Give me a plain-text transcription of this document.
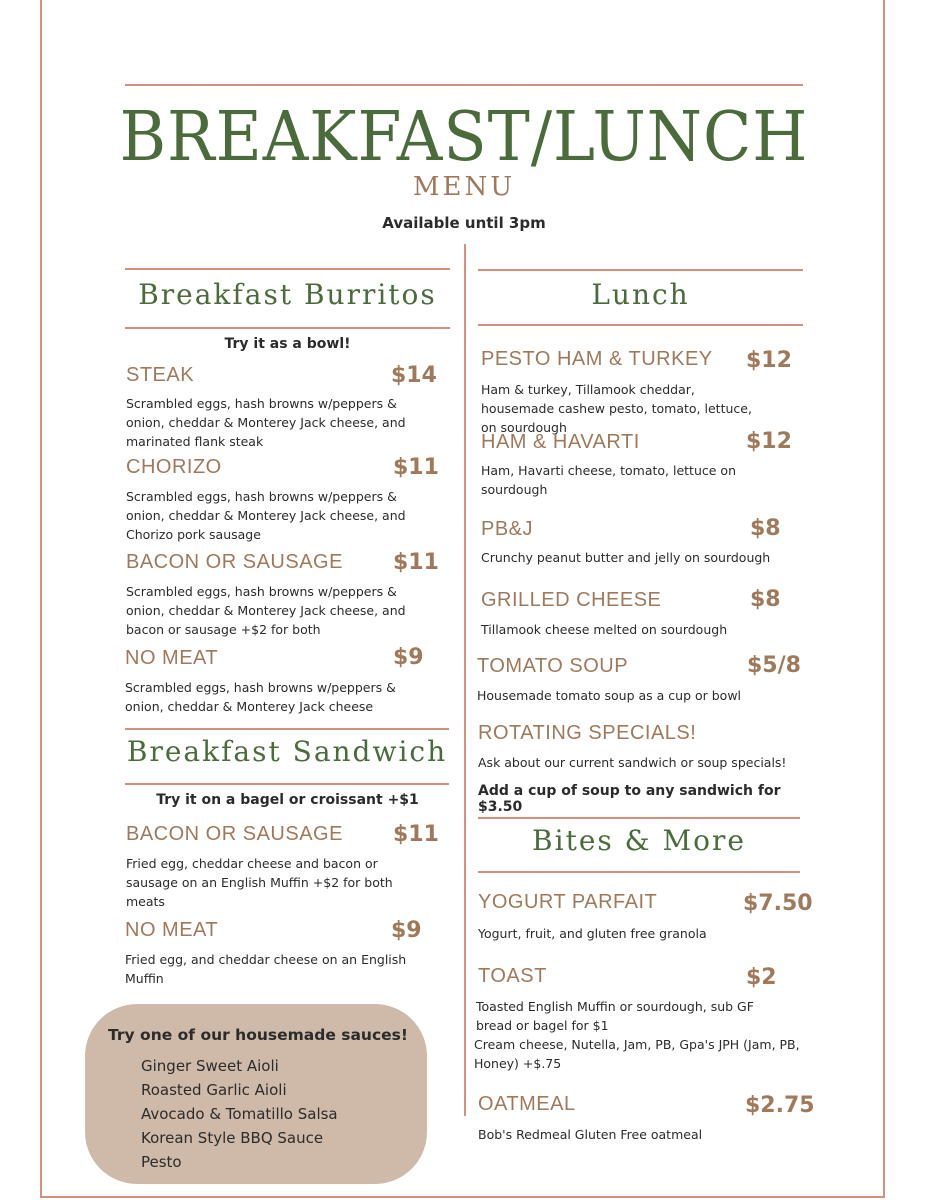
BREAKFAST/LUNCH
MENU
Available until 3pm
Breakfast Burritos
Try it as a bowl!
STEAK	$14
Scrambled eggs, hash browns w/peppers & onion, cheddar & Monterey Jack cheese, and marinated flank steak
CHORIZO	$11
Scrambled eggs, hash browns w/peppers & onion, cheddar & Monterey Jack cheese, and Chorizo pork sausage
BACON OR SAUSAGE $11
Scrambled eggs, hash browns w/peppers & onion, cheddar & Monterey Jack cheese, and bacon or sausage +$2 for both
NO MEAT	$9
Scrambled eggs, hash browns w/peppers & onion, cheddar & Monterey Jack cheese
Breakfast Sandwich
Try it on a bagel or croissant +$1
BACON OR SAUSAGE $11
Fried egg, cheddar cheese and bacon or sausage on an English Muffin +$2 for both meats
NO MEAT	$9
Fried egg, and cheddar cheese on an English Muffin
Try one of our housemade sauces!
Ginger Sweet Aioli
Roasted Garlic Aioli
Avocado & Tomatillo Salsa
Korean Style BBQ Sauce
Pesto
Lunch
PESTO HAM & TURKEY $12
Ham & turkey, Tillamook cheddar, housemade cashew pesto, tomato, lettuce, on sourdough
HAM & HAVARTI	$12
Ham, Havarti cheese, tomato, lettuce on sourdough
PB&J	$8
Crunchy peanut butter and jelly on sourdough
GRILLED CHEESE	$8
Tillamook cheese melted on sourdough
TOMATO SOUP	$5/8
Housemade tomato soup as a cup or bowl
ROTATING SPECIALS!
Ask about our current sandwich or soup specials!
Add a cup of soup to any sandwich for $3.50
Bites & More
YOGURT PARFAIT	$7.50
Yogurt, fruit, and gluten free granola
TOAST	$2
Toasted English Muffin or sourdough, sub GF bread or bagel for $1
Cream cheese, Nutella, Jam, PB, Gpa's JPH (Jam, PB, Honey) +$.75
OATMEAL	$2.75
Bob's Redmeal Gluten Free oatmeal
